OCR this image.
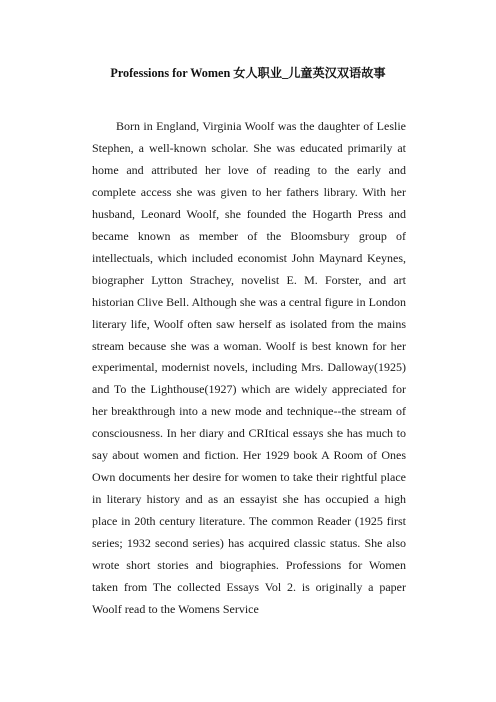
Professions for Women 女人职业_儿童英汉双语故事

Born in England, Virginia Woolf was the daughter of Leslie Stephen, a well-known scholar. She was educated primarily at home and attributed her love of reading to the early and complete access she was given to her fathers library. With her husband, Leonard Woolf, she founded the Hogarth Press and became known as member of the Bloomsbury group of intellectuals, which included economist John Maynard Keynes, biographer Lytton Strachey, novelist E. M. Forster, and art historian Clive Bell. Although she was a central figure in London literary life, Woolf often saw herself as isolated from the mains stream because she was a woman. Woolf is best known for her experimental, modernist novels, including Mrs. Dalloway(1925) and To the Lighthouse(1927) which are widely appreciated for her breakthrough into a new mode and technique--the stream of consciousness. In her diary and CRItical essays she has much to say about women and fiction. Her 1929 book A Room of Ones Own documents her desire for women to take their rightful place in literary history and as an essayist she has occupied a high place in 20th century literature. The common Reader (1925 first series; 1932 second series) has acquired classic status. She also wrote short stories and biographies. Professions for Women taken from The collected Essays Vol 2. is originally a paper Woolf read to the Womens Service
